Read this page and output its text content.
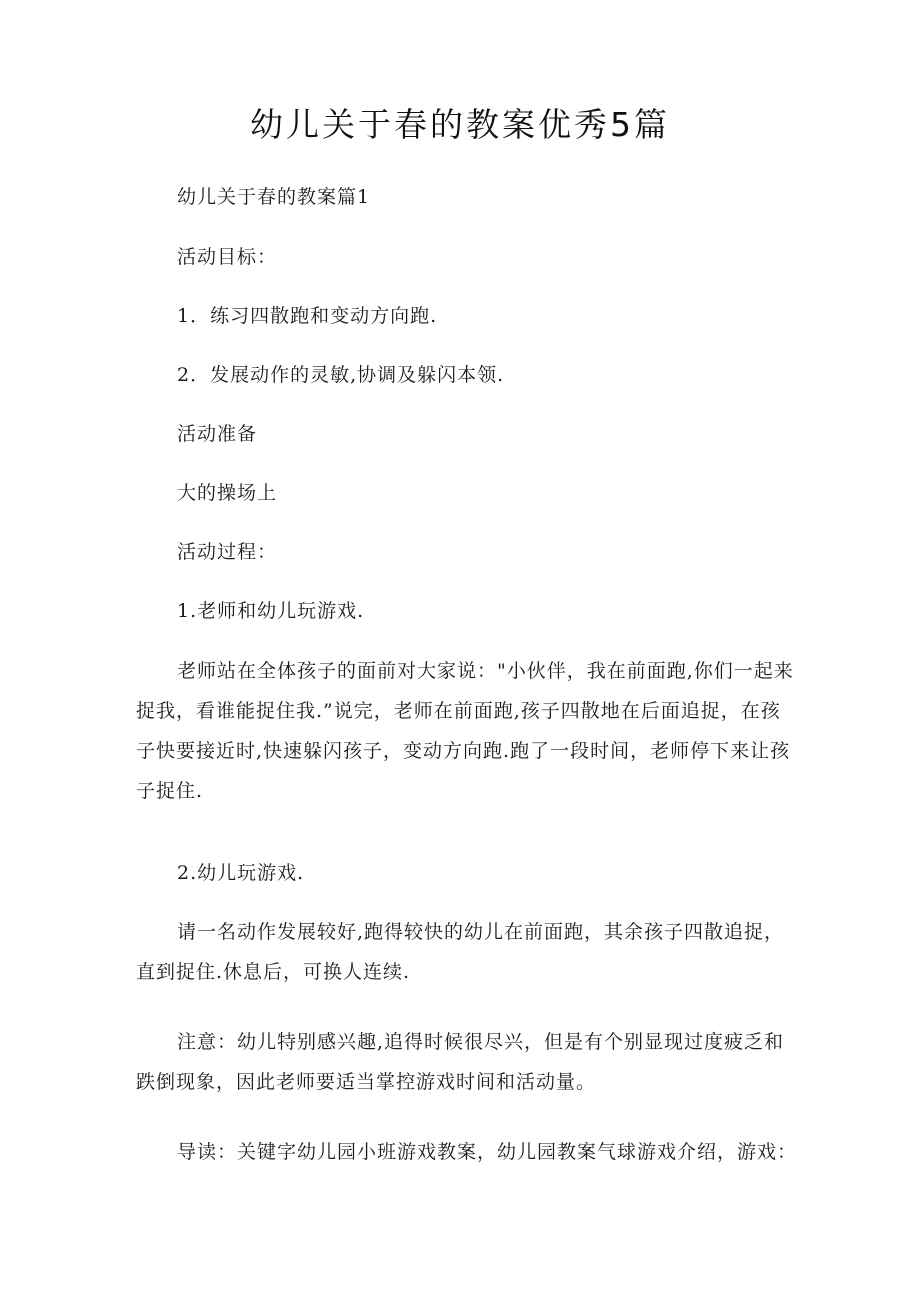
幼儿关于春的教案优秀5篇

幼儿关于春的教案篇1

活动目标：

1．练习四散跑和变动方向跑.

2．发展动作的灵敏,协调及躲闪本领.

活动准备

大的操场上

活动过程：

1.老师和幼儿玩游戏.

老师站在全体孩子的面前对大家说："小伙伴，我在前面跑,你们一起来捉我，看谁能捉住我.”说完，老师在前面跑,孩子四散地在后面追捉，在孩子快要接近时,快速躲闪孩子，变动方向跑.跑了一段时间，老师停下来让孩子捉住.

2.幼儿玩游戏.

请一名动作发展较好,跑得较快的幼儿在前面跑，其余孩子四散追捉，直到捉住.休息后，可换人连续.

注意：幼儿特别感兴趣,追得时候很尽兴，但是有个别显现过度疲乏和跌倒现象，因此老师要适当掌控游戏时间和活动量。

导读：关键字幼儿园小班游戏教案，幼儿园教案气球游戏介绍，游戏：
